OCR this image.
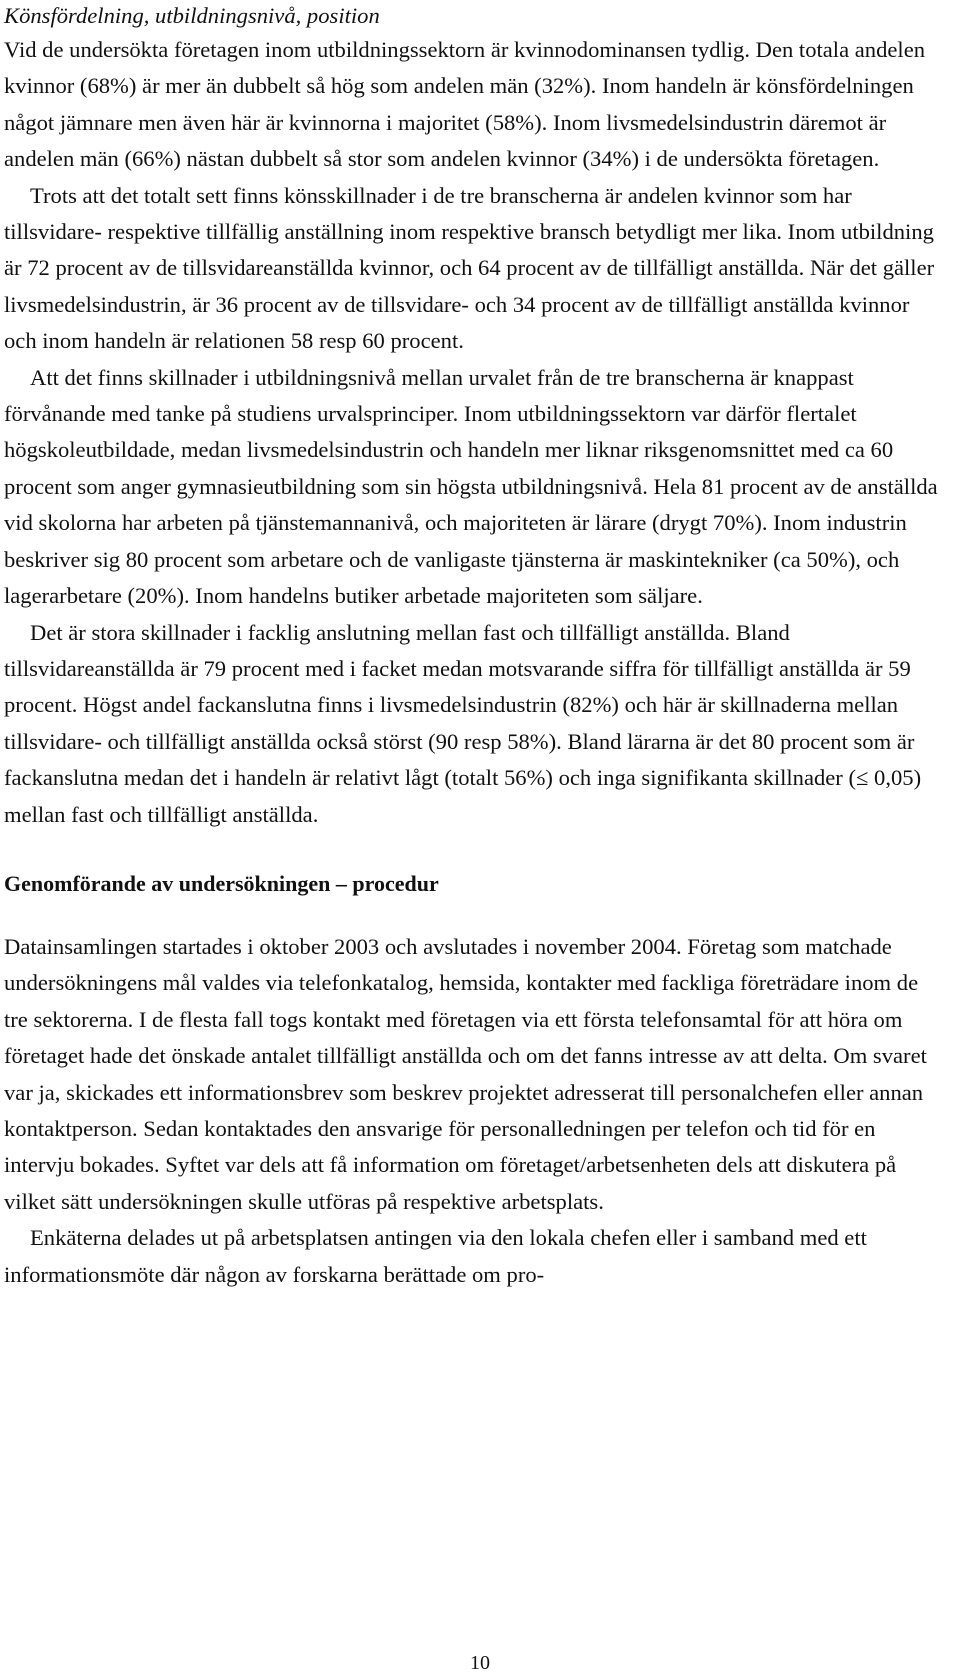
Könsfördelning, utbildningsnivå, position

Vid de undersökta företagen inom utbildningssektorn är kvinnodominansen tydlig. Den totala andelen kvinnor (68%) är mer än dubbelt så hög som andelen män (32%). Inom handeln är könsfördelningen något jämnare men även här är kvinnorna i majoritet (58%). Inom livsmedelsindustrin däremot är andelen män (66%) nästan dubbelt så stor som andelen kvinnor (34%) i de undersökta företagen.

Trots att det totalt sett finns könsskillnader i de tre branscherna är andelen kvinnor som har tillsvidare- respektive tillfällig anställning inom respektive bransch betydligt mer lika. Inom utbildning är 72 procent av de tillsvidareanställda kvinnor, och 64 procent av de tillfälligt anställda. När det gäller livsmedelsindustrin, är 36 procent av de tillsvidare- och 34 procent av de tillfälligt anställda kvinnor och inom handeln är relationen 58 resp 60 procent.

Att det finns skillnader i utbildningsnivå mellan urvalet från de tre branscherna är knappast förvånande med tanke på studiens urvalsprinciper. Inom utbildningssektorn var därför flertalet högskoleutbildade, medan livsmedelsindustrin och handeln mer liknar riksgenomsnittet med ca 60 procent som anger gymnasieutbildning som sin högsta utbildningsnivå. Hela 81 procent av de anställda vid skolorna har arbeten på tjänstemannanivå, och majoriteten är lärare (drygt 70%). Inom industrin beskriver sig 80 procent som arbetare och de vanligaste tjänsterna är maskintekniker (ca 50%), och lagerarbetare (20%). Inom handelns butiker arbetade majoriteten som säljare.

Det är stora skillnader i facklig anslutning mellan fast och tillfälligt anställda. Bland tillsvidareanställda är 79 procent med i facket medan motsvarande siffra för tillfälligt anställda är 59 procent. Högst andel fackanslutna finns i livsmedelsindustrin (82%) och här är skillnaderna mellan tillsvidare- och tillfälligt anställda också störst (90 resp 58%). Bland lärarna är det 80 procent som är fackanslutna medan det i handeln är relativt lågt (totalt 56%) och inga signifikanta skillnader (≤ 0,05) mellan fast och tillfälligt anställda.

Genomförande av undersökningen – procedur

Datainsamlingen startades i oktober 2003 och avslutades i november 2004. Företag som matchade undersökningens mål valdes via telefonkatalog, hemsida, kontakter med fackliga företrädare inom de tre sektorerna. I de flesta fall togs kontakt med företagen via ett första telefonsamtal för att höra om företaget hade det önskade antalet tillfälligt anställda och om det fanns intresse av att delta. Om svaret var ja, skickades ett informationsbrev som beskrev projektet adresserat till personalchefen eller annan kontaktperson. Sedan kontaktades den ansvarige för personalledningen per telefon och tid för en intervju bokades. Syftet var dels att få information om företaget/arbetsenheten dels att diskutera på vilket sätt undersökningen skulle utföras på respektive arbetsplats.

Enkäterna delades ut på arbetsplatsen antingen via den lokala chefen eller i samband med ett informationsmöte där någon av forskarna berättade om pro-

10
